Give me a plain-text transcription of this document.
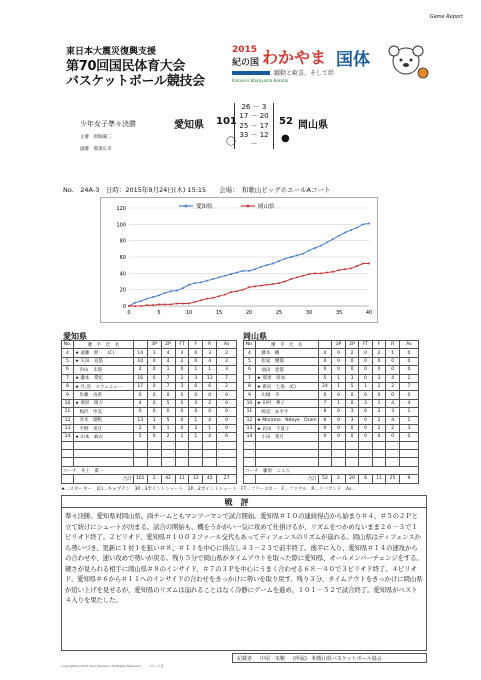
Game Report
東日本大震災復興支援
第70回国民体育大会
バスケットボール競技会
2015
紀の国 わかやま 国体
躍動と歓喜、そして絆
Kinokuni Wakayama Kokutai
少年女子準々決勝
主審　原堀満二
副審　那須広幸
愛知県 101
26 － 3
17 － 20
25 － 17
33 － 12
－
52 岡山県
〇	●
No.　24A-3　日時：2015年9月24日(木) 15:15　　会場：　和歌山ビッグホエールAコート
0
20
40
60
80
100
120
0	5	10	15	20	25	30	35	40
愛知県	岡山県
愛知県	岡山県
No.	選　手　氏　名		3P	2P	FT	F	R	As
4	★ 遠藤　朋　　(C)	14	1	4	3	0	3	2
5	★ 矢田　直悠	10	0	4	2	0	4	2
6	　内山　未悠	2	0	1	0	1	1	3
7	★ 瀬本　愛紀	16	0	7	2	3	13	7
8	★ 月,浩　スウェニュー	17	0	7	3	0	6	2
9	　佐藤　由希	0	0	0	0	0	0	0
10	★ 栗原　岡力	4	0	5	0	4	2	0
11	　梅沢　申美	0	0	0	0	0	0	0
12	　赤木　瑠帆	13	1	5	0	1	4	0
13	　平野　実月	2	0	1	0	2	1	0
14	★ 山本　麻衣	5	0	2	1	1	4	6

コーチ　井上　眞一								
	合計	101	2	42	11	12	45	27
No.	選　手　氏　名		3P	2P	FT	F	R	As
4	　藤本　楓	4	0	2	0	2	1	0
5	　松家　優都	0	0	0	0	0	0	0
6	　池田　恵都	0	0	0	0	0	0	0
7	★ 那須　栄加	5	1	3	0	3	4	1
8	★ 新居　七海　(C)	24	1	5	1	2	2	7
9	　山城　歩	0	0	0	0	0	0	0
10	★ 田村　華子	7	1	0	3	1	4	4
11	　嗚見　あずさ	6	0	3	0	2	3	1
12	★ Morame　Ndeye　Oram	6	0	3	0	2	4	1
13	★ 岩田　千夏子	0	0	0	0	2	2	3
14	　小田　菜月	0	0	0	0	0	0	0

コーチ　藤原　こころ								
	合計	52	2	20	6	11	25	9
★…スターター　(C)…キャプテン　3P…3ポイントシュート　2P…2ポイントシュート　FT…フリースロー　F…ファウル　R…リバウンド　As…
戦評
準々決勝。愛知県対岡山県。両チームともマンツーマンで試合開始。愛知県＃１０の連続得点から始まり＃４、＃５の２Ｐと立て続けにシュートが決まる。試合の開始も、機をうかがい一気に攻めて仕掛けるが、リズムをつかめないまま２６－３で１ピリオド終了。２ピリオド、愛知県＃１００３ファール交代もあってディフェンスのリズムが崩れる。岡山県はディフェンスから勢いづき、更新に１対１を狙い＃８、＃１１を中心に得点し４３－２３で前半終了。後半に入り、愛知県＃１４の速攻からの合わせや、速い攻めで勢いが戻る。残り５分で岡山県がタイムアウトを取った際に愛知県、オールメンバーチェンジをする。硬さが見られる相手に岡山県＃８のインサイド、＃７の３Ｐを中心にうまく合わせる６８－４０で３ピリオド終了。４ピリオド、愛知県＃６から＃１１へのインサイドの合わせをきっかけに勢いを取り戻す。残り３分、タイムアウトをきっかけに岡山県が追い上げを見せるが、愛知県のリズムは崩れることはなく冷静にゲームを進め、１０１－５２で試合終了。愛知県がベスト４入りを果たした。
記載者	中尾　朱鞄	(所属)　和歌山県バスケットボール協会
Copyright(c) 2015 Sam Sansamu All Rights Reserved　　　1ページ目
